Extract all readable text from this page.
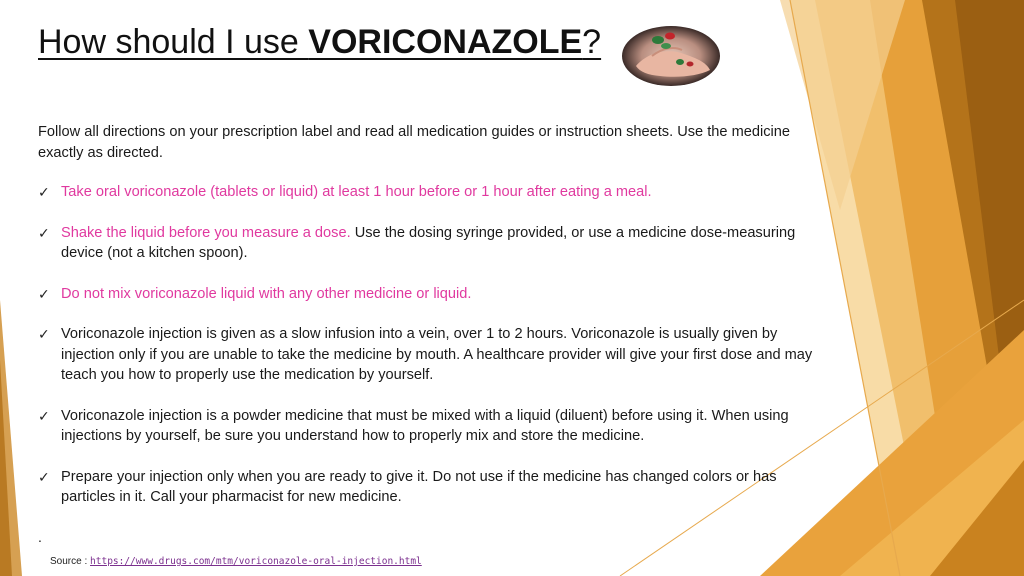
How should I use VORICONAZOLE?

Follow all directions on your prescription label and read all medication guides or instruction sheets. Use the medicine exactly as directed.

✓ Take oral voriconazole (tablets or liquid) at least 1 hour before or 1 hour after eating a meal.
✓ Shake the liquid before you measure a dose. Use the dosing syringe provided, or use a medicine dose-measuring device (not a kitchen spoon).
✓ Do not mix voriconazole liquid with any other medicine or liquid.
✓ Voriconazole injection is given as a slow infusion into a vein, over 1 to 2 hours. Voriconazole is usually given by injection only if you are unable to take the medicine by mouth. A healthcare provider will give your first dose and may teach you how to properly use the medication by yourself.
✓ Voriconazole injection is a powder medicine that must be mixed with a liquid (diluent) before using it. When using injections by yourself, be sure you understand how to properly mix and store the medicine.
✓ Prepare your injection only when you are ready to give it. Do not use if the medicine has changed colors or has particles in it. Call your pharmacist for new medicine.
.
Source : https://www.drugs.com/mtm/voriconazole-oral-injection.html
